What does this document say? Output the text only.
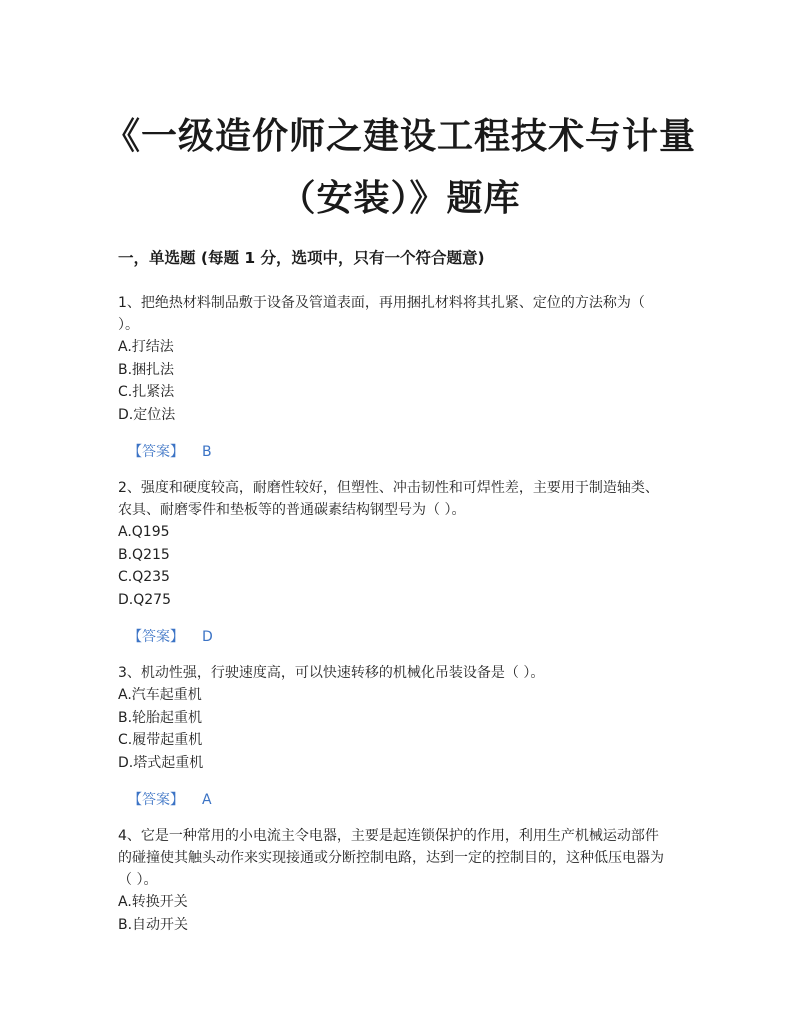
《一级造价师之建设工程技术与计量
（安装）》题库
一，单选题 (每题 1 分，选项中，只有一个符合题意)

1、把绝热材料制品敷于设备及管道表面，再用捆扎材料将其扎紧、定位的方法称为（

）。

A.打结法

B.捆扎法

C.扎紧法

D.定位法

【答案】 B

2、强度和硬度较高，耐磨性较好，但塑性、冲击韧性和可焊性差，主要用于制造轴类、

农具、耐磨零件和垫板等的普通碳素结构钢型号为（ ）。

A.Q195

B.Q215

C.Q235

D.Q275

【答案】 D

3、机动性强，行驶速度高，可以快速转移的机械化吊装设备是（ ）。

A.汽车起重机

B.轮胎起重机

C.履带起重机

D.塔式起重机

【答案】 A

4、它是一种常用的小电流主令电器，主要是起连锁保护的作用，利用生产机械运动部件

的碰撞使其触头动作来实现接通或分断控制电路，达到一定的控制目的，这种低压电器为

（ ）。

A.转换开关

B.自动开关
